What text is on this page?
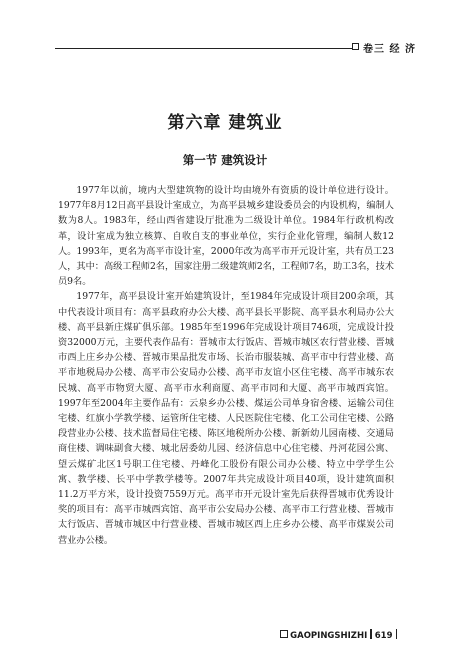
卷三 经 济
第六章 建筑业
第一节 建筑设计

1977年以前，境内大型建筑物的设计均由境外有资质的设计单位进行设计。1977年8月12日高平县设计室成立，为高平县城乡建设委员会的内设机构，编制人数为8人。1983年，经山西省建设厅批准为二级设计单位。1984年行政机构改革，设计室成为独立核算、自收自支的事业单位，实行企业化管理，编制人数12人。1993年，更名为高平市设计室，2000年改为高平市开元设计室，共有员工23人，其中：高级工程师2名，国家注册二级建筑师2名，工程师7名，助工3名，技术员9名。

1977年，高平县设计室开始建筑设计，至1984年完成设计项目200余项，其中代表设计项目有：高平县政府办公大楼、高平县长平影院、高平县水利局办公大楼、高平县新庄煤矿俱乐部。1985年至1996年完成设计项目746项，完成设计投资32000万元，主要代表作品有：晋城市太行饭店、晋城市城区农行营业楼、晋城市西上庄乡办公楼、晋城市果品批发市场、长治市服装城、高平市中行营业楼、高平市地税局办公楼、高平市公安局办公楼、高平市友谊小区住宅楼、高平市城东农民城、高平市物贸大厦、高平市水利商厦、高平市同和大厦、高平市城西宾馆。1997年至2004年主要作品有：云泉乡办公楼、煤运公司单身宿舍楼、运输公司住宅楼、红旗小学教学楼、运管所住宅楼、人民医院住宅楼、化工公司住宅楼、公路段营业办公楼、技术监督局住宅楼、陈区地税所办公楼、新新幼儿园南楼、交通局商住楼、调味副食大楼、城北居委幼儿园、经济信息中心住宅楼、丹河花园公寓、望云煤矿北区1号职工住宅楼、丹峰化工股份有限公司办公楼、特立中学学生公寓、教学楼、长平中学教学楼等。2007年共完成设计项目40项，设计建筑面积11.2万平方米，设计投资7559万元。高平市开元设计室先后获得晋城市优秀设计奖的项目有：高平市城西宾馆、高平市公安局办公楼、高平市工行营业楼、晋城市太行饭店、晋城市城区中行营业楼、晋城市城区西上庄乡办公楼、高平市煤炭公司营业办公楼。

GAOPINGSHIZHI 619
